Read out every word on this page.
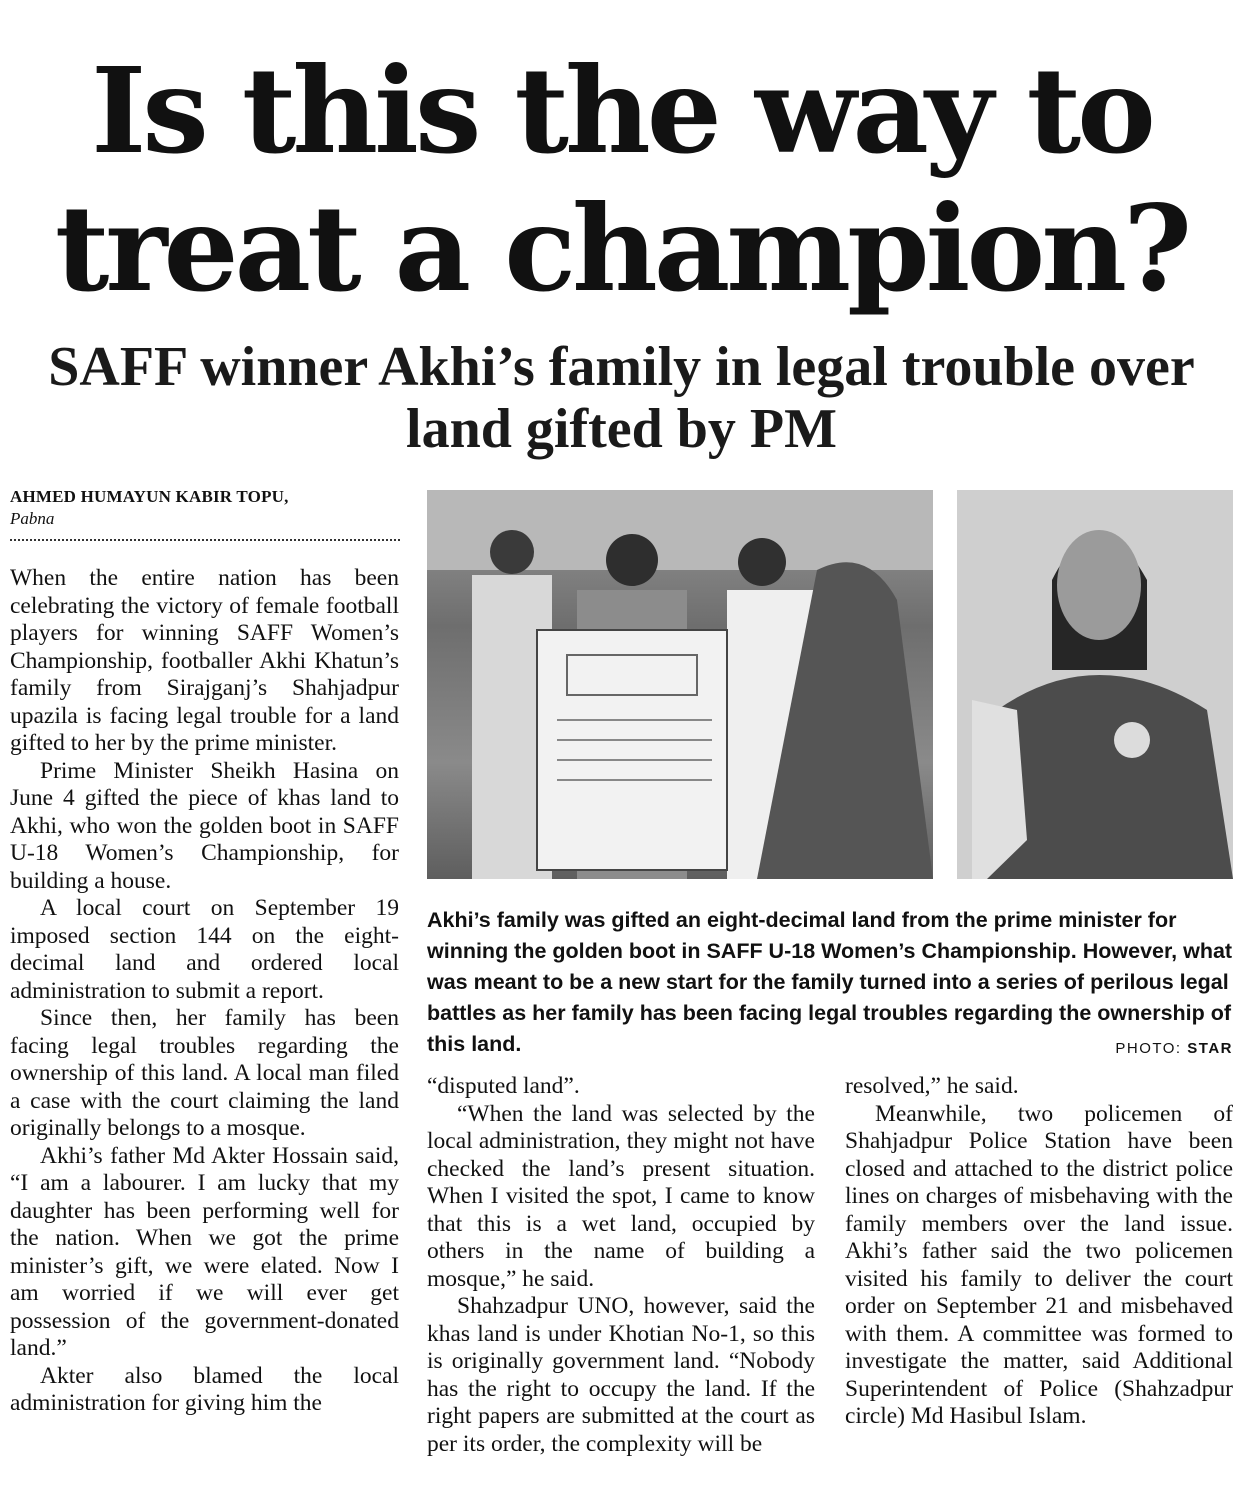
Is this the way to treat a champion?
SAFF winner Akhi’s family in legal trouble over land gifted by PM
AHMED HUMAYUN KABIR TOPU,
Pabna

When the entire nation has been celebrating the victory of female football players for winning SAFF Women’s Championship, footballer Akhi Khatun’s family from Sirajganj’s Shahjadpur upazila is facing legal trouble for a land gifted to her by the prime minister.

Prime Minister Sheikh Hasina on June 4 gifted the piece of khas land to Akhi, who won the golden boot in SAFF U-18 Women’s Championship, for building a house.

A local court on September 19 imposed section 144 on the eight-decimal land and ordered local administration to submit a report.

Since then, her family has been facing legal troubles regarding the ownership of this land. A local man filed a case with the court claiming the land originally belongs to a mosque.

Akhi’s father Md Akter Hossain said, “I am a labourer. I am lucky that my daughter has been performing well for the nation. When we got the prime minister’s gift, we were elated. Now I am worried if we will ever get possession of the government-donated land.”

Akter also blamed the local administration for giving him the

Akhi’s family was gifted an eight-decimal land from the prime minister for winning the golden boot in SAFF U-18 Women’s Championship. However, what was meant to be a new start for the family turned into a series of perilous legal battles as her family has been facing legal troubles regarding the ownership of this land.	PHOTO: STAR

“disputed land”.

“When the land was selected by the local administration, they might not have checked the land’s present situation. When I visited the spot, I came to know that this is a wet land, occupied by others in the name of building a mosque,” he said.

Shahzadpur UNO, however, said the khas land is under Khotian No-1, so this is originally government land. “Nobody has the right to occupy the land. If the right papers are submitted at the court as per its order, the complexity will be

resolved,” he said.

Meanwhile, two policemen of Shahjadpur Police Station have been closed and attached to the district police lines on charges of misbehaving with the family members over the land issue. Akhi’s father said the two policemen visited his family to deliver the court order on September 21 and misbehaved with them. A committee was formed to investigate the matter, said Additional Superintendent of Police (Shahzadpur circle) Md Hasibul Islam.
